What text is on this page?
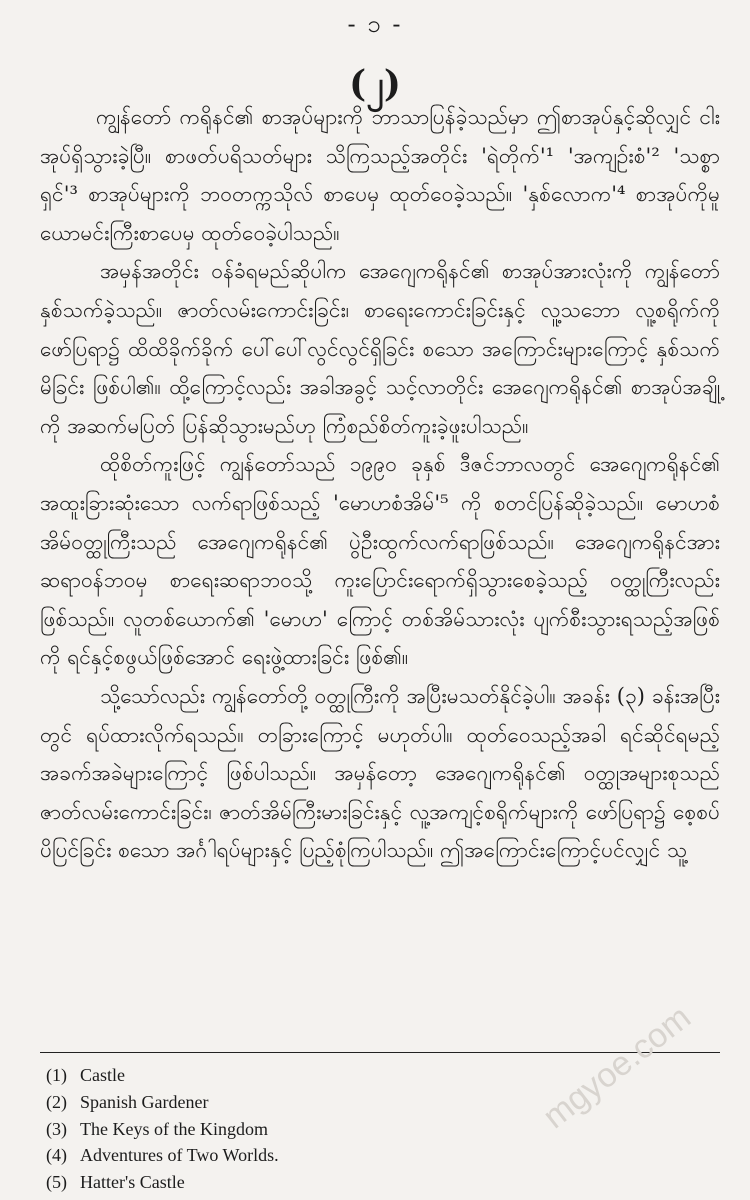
- ၁ -
(၂)

ကျွန်တော် ကရိုနင်၏ စာအုပ်များကို ဘာသာပြန်ခဲ့သည်မှာ ဤစာအုပ်နှင့်ဆိုလျှင် ငါးအုပ်ရှိသွားခဲ့ပြီ။ စာဖတ်ပရိသတ်များ သိကြသည့်အတိုင်း 'ရဲတိုက်'¹ 'အကျဉ်းစံ'² 'သစ္စာရှင်'³ စာအုပ်များကို ဘဝတက္ကသိုလ် စာပေမှ ထုတ်ဝေခဲ့သည်။ 'နှစ်လောက'⁴ စာအုပ်ကိုမူ ယောမင်းကြီးစာပေမှ ထုတ်ဝေခဲ့ပါသည်။

အမှန်အတိုင်း ဝန်ခံရမည်ဆိုပါက အေဂျေကရိုနင်၏ စာအုပ်အားလုံးကို ကျွန်တော် နှစ်သက်ခဲ့သည်။ ဇာတ်လမ်းကောင်းခြင်း၊ စာရေးကောင်းခြင်းနှင့် လူ့သဘော လူ့စရိုက်ကို ဖော်ပြရာ၌ ထိထိခိုက်ခိုက် ပေါ်ပေါ်လွင်လွင်ရှိခြင်း စသော အကြောင်းများကြောင့် နှစ်သက်မိခြင်း ဖြစ်ပါ၏။ ထို့ကြောင့်လည်း အခါအခွင့် သင့်လာတိုင်း အေဂျေကရိုနင်၏ စာအုပ်အချို့ကို အဆက်မပြတ် ပြန်ဆိုသွားမည်ဟု ကြံစည်စိတ်ကူးခဲ့ဖူးပါသည်။

ထိုစိတ်ကူးဖြင့် ကျွန်တော်သည် ၁၉၉၀ ခုနှစ် ဒီဇင်ဘာလတွင် အေဂျေကရိုနင်၏ အထူးခြားဆုံးသော လက်ရာဖြစ်သည့် 'မောဟစံအိမ်'⁵ ကို စတင်ပြန်ဆိုခဲ့သည်။ မောဟစံအိမ်ဝတ္ထုကြီးသည် အေဂျေကရိုနင်၏ ပွဲဦးထွက်လက်ရာဖြစ်သည်။ အေဂျေကရိုနင်အား ဆရာဝန်ဘဝမှ စာရေးဆရာဘဝသို့ ကူးပြောင်းရောက်ရှိသွားစေခဲ့သည့် ဝတ္ထုကြီးလည်း ဖြစ်သည်။ လူတစ်ယောက်၏ 'မောဟ' ကြောင့် တစ်အိမ်သားလုံး ပျက်စီးသွားရသည့်အဖြစ်ကို ရင်နှင့်စဖွယ်ဖြစ်အောင် ရေးဖွဲ့ထားခြင်း ဖြစ်၏။

သို့သော်လည်း ကျွန်တော်တို့ ဝတ္ထုကြီးကို အပြီးမသတ်နိုင်ခဲ့ပါ။ အခန်း (၃) ခန်းအပြီးတွင် ရပ်ထားလိုက်ရသည်။ တခြားကြောင့် မဟုတ်ပါ။ ထုတ်ဝေသည့်အခါ ရင်ဆိုင်ရမည့် အခက်အခဲများကြောင့် ဖြစ်ပါသည်။ အမှန်တော့ အေဂျေကရိုနင်၏ ဝတ္ထုအများစုသည် ဇာတ်လမ်းကောင်းခြင်း၊ ဇာတ်အိမ်ကြီးမားခြင်းနှင့် လူ့အကျင့်စရိုက်များကို ဖော်ပြရာ၌ စေ့စပ်ပိပြင်ခြင်း စသော အင်္ဂါရပ်များနှင့် ပြည့်စုံကြပါသည်။ ဤအကြောင်းကြောင့်ပင်လျှင် သူ့

(1) Castle
(2) Spanish Gardener
(3) The Keys of the Kingdom
(4) Adventures of Two Worlds.
(5) Hatter's Castle
mgyoe.com
